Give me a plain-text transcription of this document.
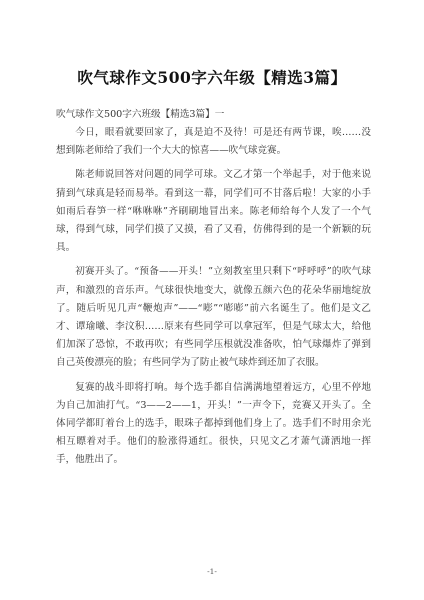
吹气球作文500字六年级【精选3篇】
吹气球作文500字六班级【精选3篇】一

今日，眼看就要回家了，真是迫不及待！可是还有两节课，唉……没想到陈老师给了我们一个大大的惊喜——吹气球竞赛。

陈老师说回答对问题的同学可球。文乙才第一个举起手，对于他来说猜到气球真是轻而易举。看到这一幕，同学们可不甘落后啦！大家的小手如雨后春笋一样“咻咻咻”齐刷刷地冒出来。陈老师给每个人发了一个气球，得到气球，同学们摸了又摸，看了又看，仿佛得到的是一个新颖的玩具。

初赛开头了。“预备——开头！”立刻教室里只剩下“呼呼呼”的吹气球声，和激烈的音乐声。气球很快地变大，就像五颜六色的花朵华丽地绽放了。随后听见几声“鞭炮声”——“嘭”“嘭嘭”前六名诞生了。他们是文乙才、谭瑜曦、李汶积……原来有些同学可以拿冠军，但是气球太大，给他们加深了恐惊，不敢再吹；有些同学压根就没准备吹，怕气球爆炸了弹到自己英俊漂亮的脸；有些同学为了防止被气球炸到还加了衣服。

复赛的战斗即将打响。每个选手都自信满满地望着远方，心里不停地为自己加油打气。“3——2——1，开头！”一声令下，竞赛又开头了。全体同学都盯着台上的选手，眼珠子都掉到他们身上了。选手们不时用余光相互瞟着对手。他们的脸涨得通红。很快，只见文乙才萧气潇洒地一挥手，他胜出了。

-1-
